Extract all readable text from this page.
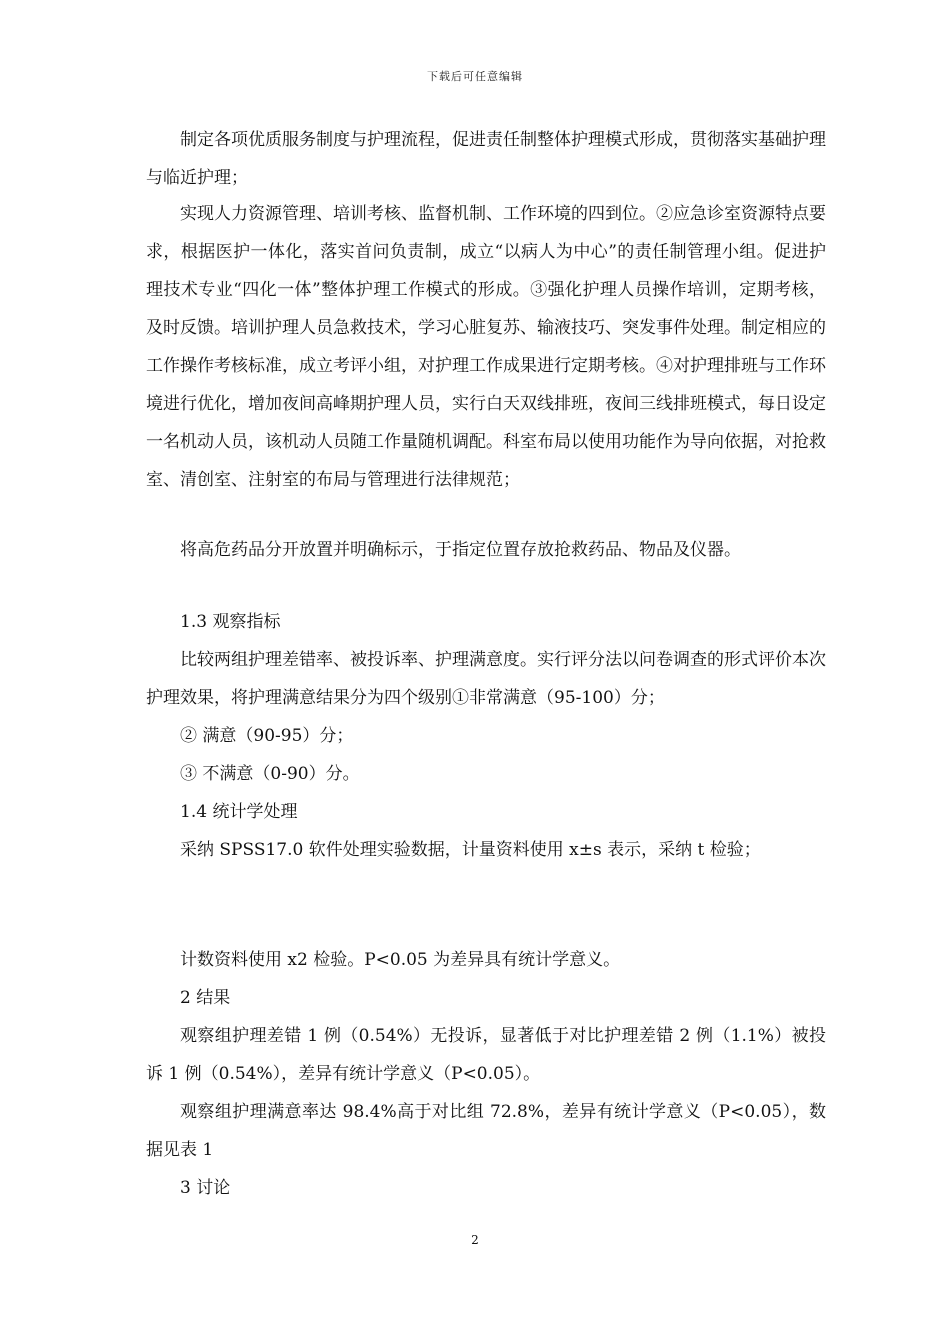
下载后可任意编辑

制定各项优质服务制度与护理流程，促进责任制整体护理模式形成，贯彻落实基础护理与临近护理；

实现人力资源管理、培训考核、监督机制、工作环境的四到位。②应急诊室资源特点要求，根据医护一体化，落实首问负责制，成立“以病人为中心”的责任制管理小组。促进护理技术专业“四化一体”整体护理工作模式的形成。③强化护理人员操作培训，定期考核，及时反馈。培训护理人员急救技术，学习心脏复苏、输液技巧、突发事件处理。制定相应的工作操作考核标准，成立考评小组，对护理工作成果进行定期考核。④对护理排班与工作环境进行优化，增加夜间高峰期护理人员，实行白天双线排班，夜间三线排班模式，每日设定一名机动人员，该机动人员随工作量随机调配。科室布局以使用功能作为导向依据，对抢救室、清创室、注射室的布局与管理进行法律规范；

将高危药品分开放置并明确标示，于指定位置存放抢救药品、物品及仪器。

1.3 观察指标

比较两组护理差错率、被投诉率、护理满意度。实行评分法以问卷调查的形式评价本次护理效果，将护理满意结果分为四个级别①非常满意（95-100）分；

② 满意（90-95）分；

③ 不满意（0-90）分。

1.4 统计学处理

采纳 SPSS17.0 软件处理实验数据，计量资料使用 x±s 表示，采纳 t 检验；

计数资料使用 x2 检验。P<0.05 为差异具有统计学意义。

2 结果

观察组护理差错 1 例（0.54%）无投诉，显著低于对比护理差错 2 例（1.1%）被投诉 1 例（0.54%），差异有统计学意义（P<0.05）。

观察组护理满意率达 98.4%高于对比组 72.8%，差异有统计学意义（P<0.05），数据见表 1

3 讨论

2
